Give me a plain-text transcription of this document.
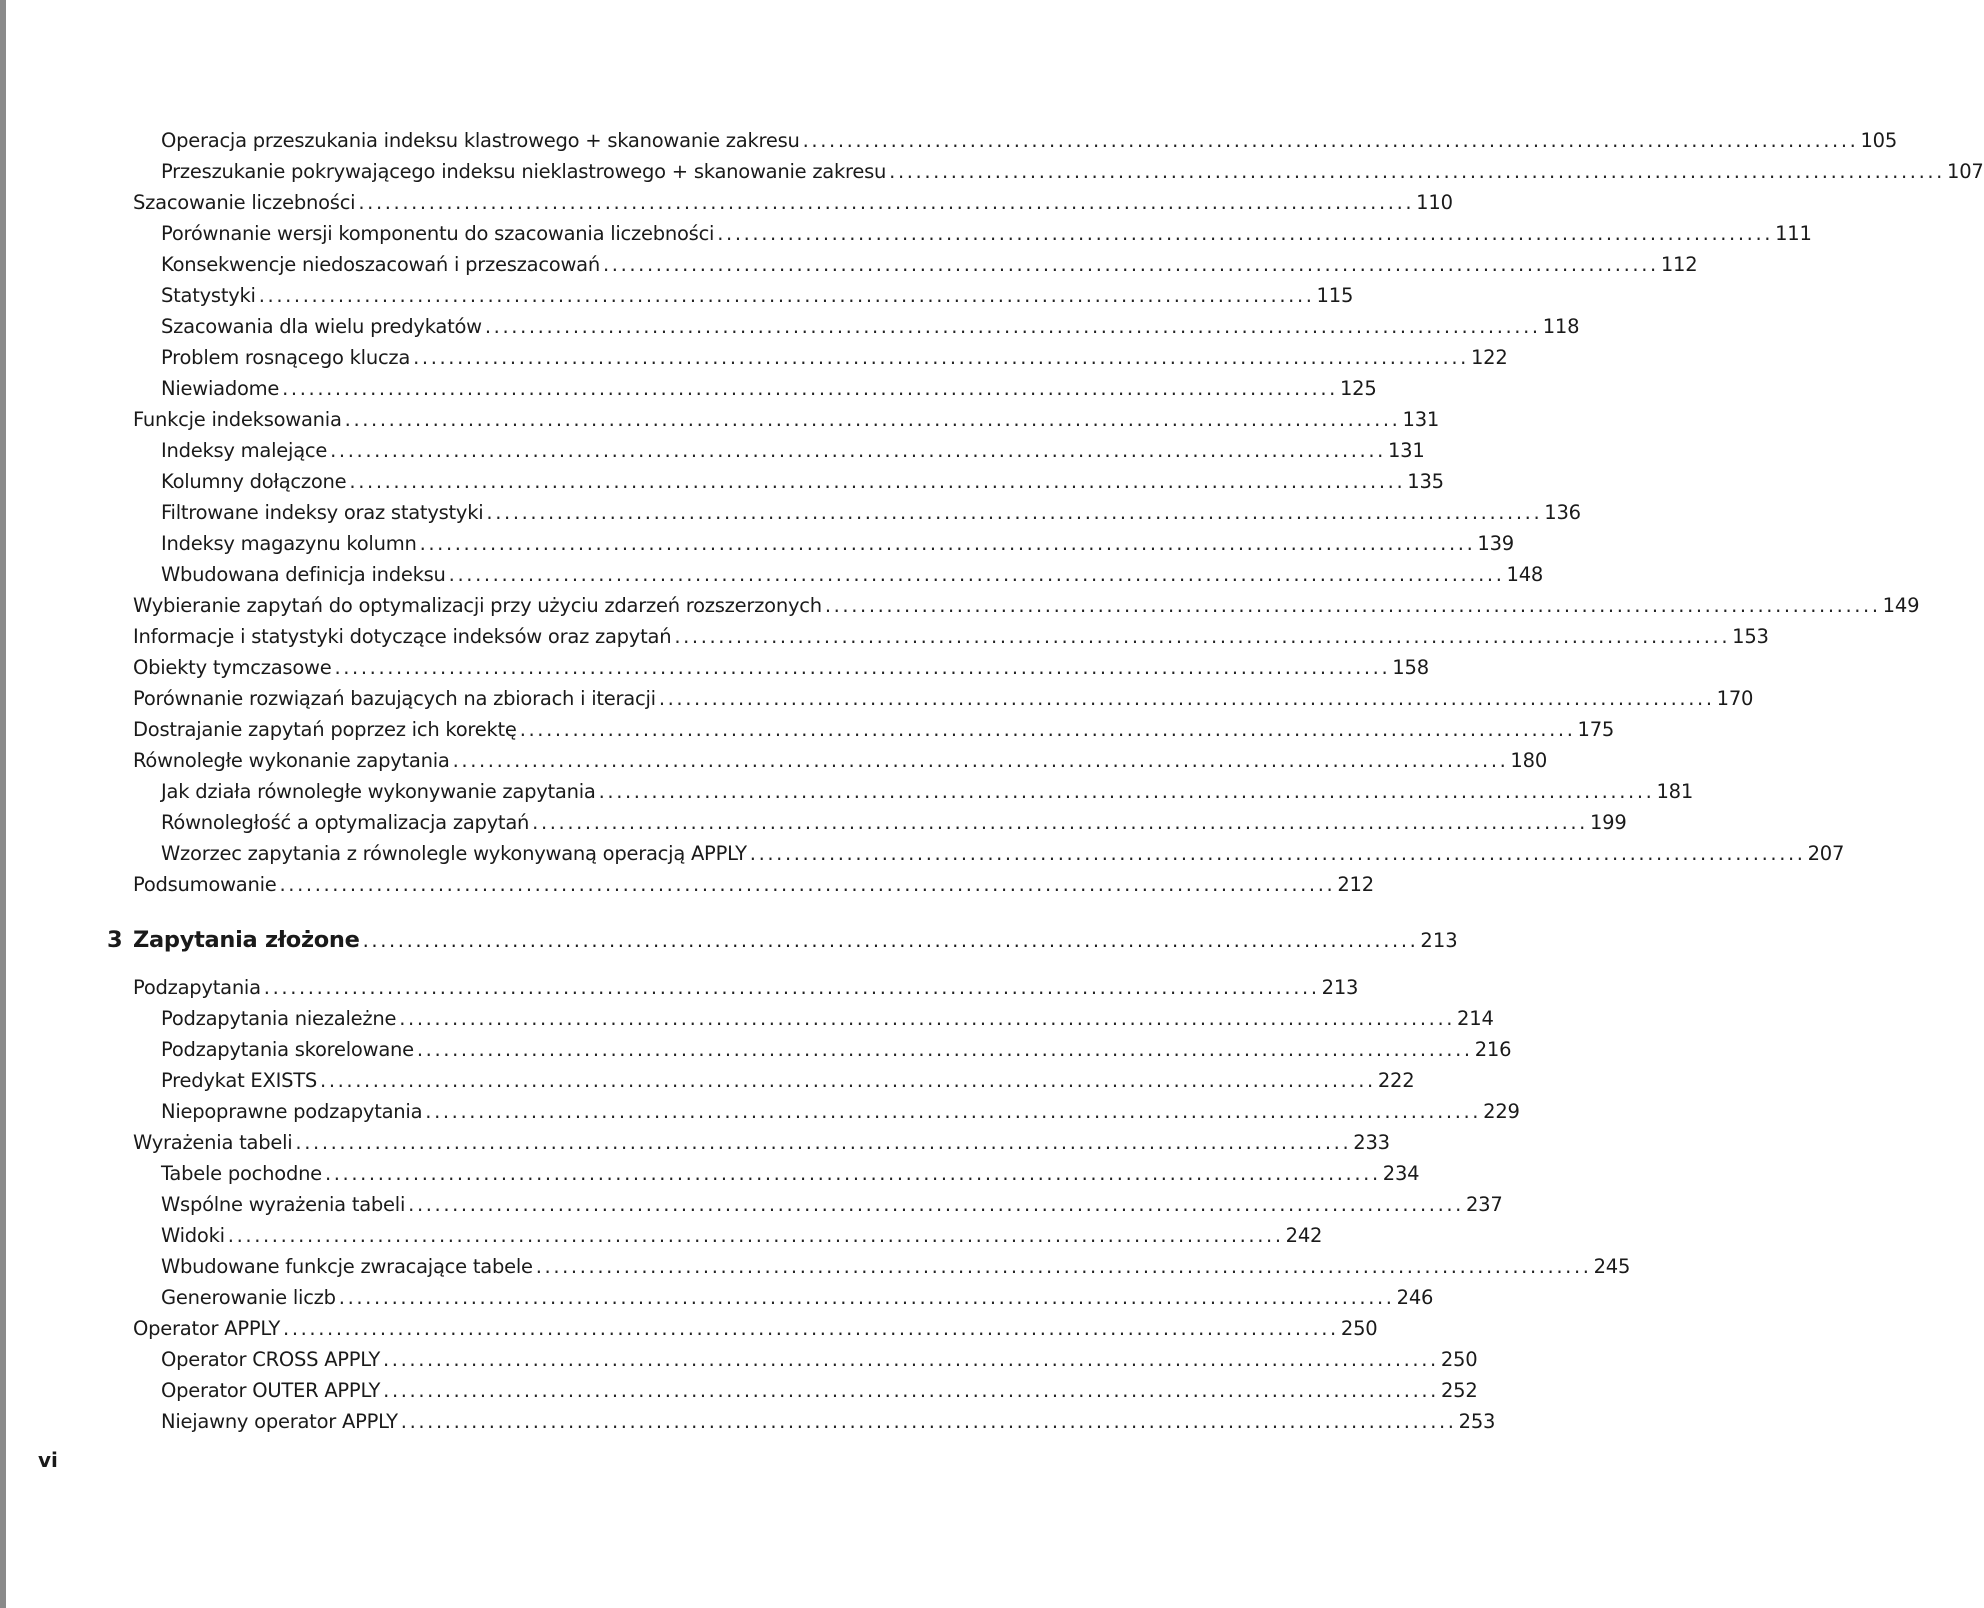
Operacja przeszukania indeksu klastrowego + skanowanie zakresu ........................................................................................................................ 105
Przeszukanie pokrywającego indeksu nieklastrowego + skanowanie zakresu ........................................................................................................................ 107
Szacowanie liczebności ........................................................................................................................ 110
Porównanie wersji komponentu do szacowania liczebności ........................................................................................................................ 111
Konsekwencje niedoszacowań i przeszacowań ........................................................................................................................ 112
Statystyki ........................................................................................................................ 115
Szacowania dla wielu predykatów ........................................................................................................................ 118
Problem rosnącego klucza ........................................................................................................................ 122
Niewiadome ........................................................................................................................ 125
Funkcje indeksowania ........................................................................................................................ 131
Indeksy malejące ........................................................................................................................ 131
Kolumny dołączone ........................................................................................................................ 135
Filtrowane indeksy oraz statystyki ........................................................................................................................ 136
Indeksy magazynu kolumn ........................................................................................................................ 139
Wbudowana definicja indeksu ........................................................................................................................ 148
Wybieranie zapytań do optymalizacji przy użyciu zdarzeń rozszerzonych ........................................................................................................................ 149
Informacje i statystyki dotyczące indeksów oraz zapytań ........................................................................................................................ 153
Obiekty tymczasowe ........................................................................................................................ 158
Porównanie rozwiązań bazujących na zbiorach i iteracji ........................................................................................................................ 170
Dostrajanie zapytań poprzez ich korektę ........................................................................................................................ 175
Równoległe wykonanie zapytania ........................................................................................................................ 180
Jak działa równoległe wykonywanie zapytania ........................................................................................................................ 181
Równoległość a optymalizacja zapytań ........................................................................................................................ 199
Wzorzec zapytania z równolegle wykonywaną operacją APPLY ........................................................................................................................ 207
Podsumowanie ........................................................................................................................ 212
3 Zapytania złożone ........................................................................................................................ 213
Podzapytania ........................................................................................................................ 213
Podzapytania niezależne ........................................................................................................................ 214
Podzapytania skorelowane ........................................................................................................................ 216
Predykat EXISTS ........................................................................................................................ 222
Niepoprawne podzapytania ........................................................................................................................ 229
Wyrażenia tabeli ........................................................................................................................ 233
Tabele pochodne ........................................................................................................................ 234
Wspólne wyrażenia tabeli ........................................................................................................................ 237
Widoki ........................................................................................................................ 242
Wbudowane funkcje zwracające tabele ........................................................................................................................ 245
Generowanie liczb ........................................................................................................................ 246
Operator APPLY ........................................................................................................................ 250
Operator CROSS APPLY ........................................................................................................................ 250
Operator OUTER APPLY ........................................................................................................................ 252
Niejawny operator APPLY ........................................................................................................................ 253
vi
